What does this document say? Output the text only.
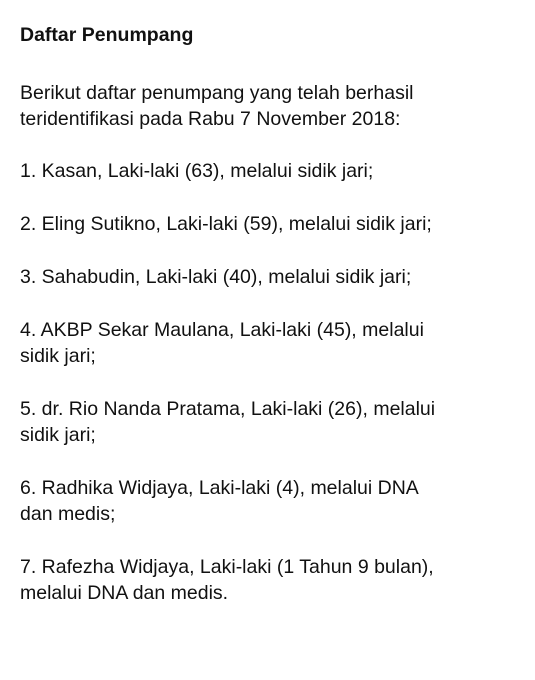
Daftar Penumpang
Berikut daftar penumpang yang telah berhasil
teridentifikasi pada Rabu 7 November 2018:
1. Kasan, Laki-laki (63), melalui sidik jari;
2. Eling Sutikno, Laki-laki (59), melalui sidik jari;
3. Sahabudin, Laki-laki (40), melalui sidik jari;
4. AKBP Sekar Maulana, Laki-laki (45), melalui
sidik jari;
5. dr. Rio Nanda Pratama, Laki-laki (26), melalui
sidik jari;
6. Radhika Widjaya, Laki-laki (4), melalui DNA
dan medis;
7. Rafezha Widjaya, Laki-laki (1 Tahun 9 bulan),
melalui DNA dan medis.
